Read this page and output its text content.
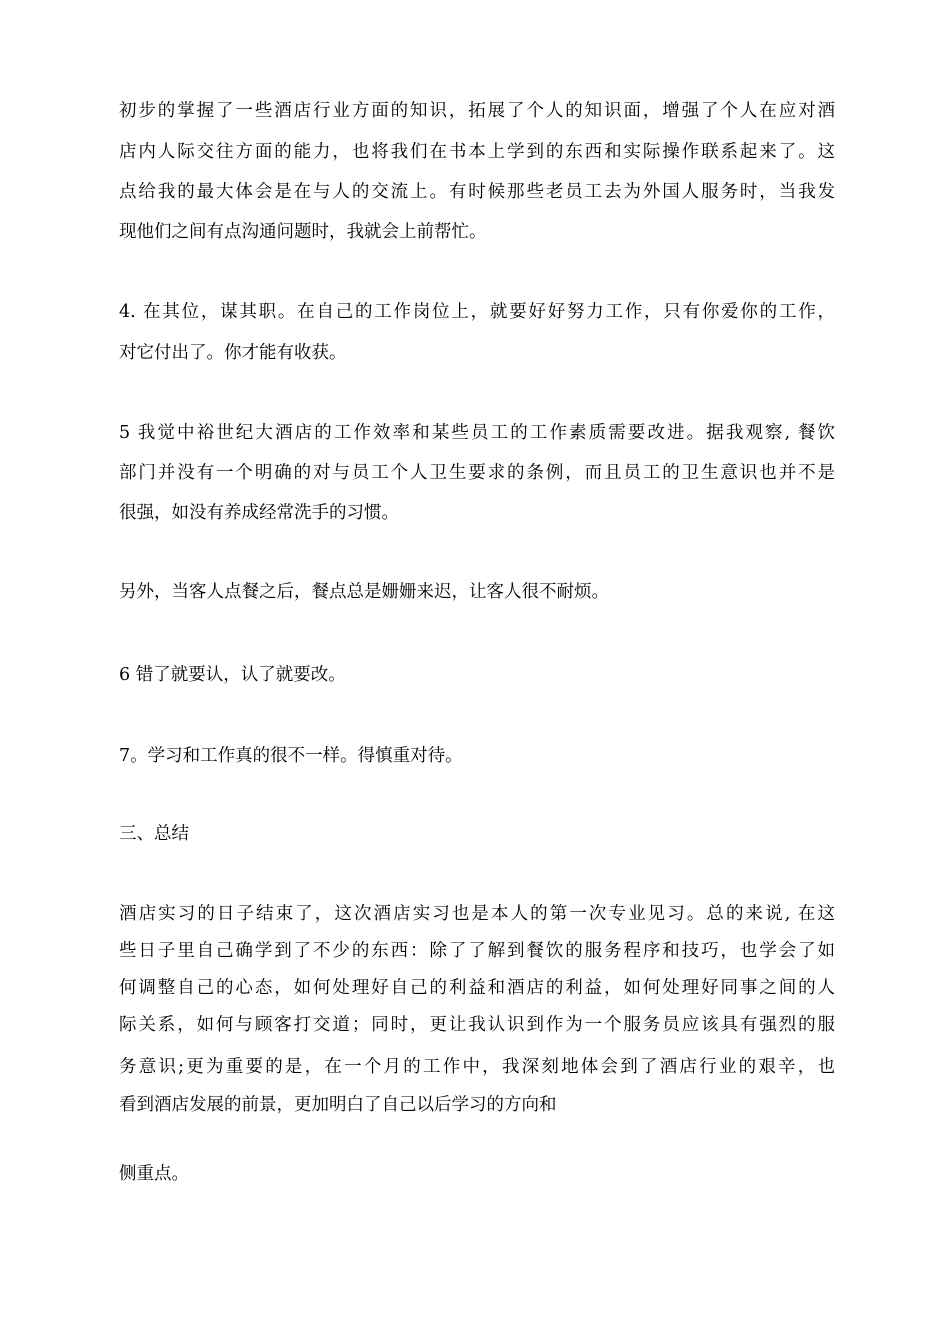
初步的掌握了一些酒店行业方面的知识，拓展了个人的知识面，增强了个人在应对酒
店内人际交往方面的能力，也将我们在书本上学到的东西和实际操作联系起来了。这
点给我的最大体会是在与人的交流上。有时候那些老员工去为外国人服务时，当我发
现他们之间有点沟通问题时，我就会上前帮忙。
4. 在其位，谋其职。在自己的工作岗位上，就要好好努力工作，只有你爱你的工作，
对它付出了。你才能有收获。
5 我觉中裕世纪大酒店的工作效率和某些员工的工作素质需要改进。据我观察, 餐饮
部门并没有一个明确的对与员工个人卫生要求的条例，而且员工的卫生意识也并不是
很强，如没有养成经常洗手的习惯。
另外，当客人点餐之后，餐点总是姗姗来迟，让客人很不耐烦。
6 错了就要认，认了就要改。
7。学习和工作真的很不一样。得慎重对待。
三、总结
酒店实习的日子结束了，这次酒店实习也是本人的第一次专业见习。总的来说, 在这
些日子里自己确学到了不少的东西：除了了解到餐饮的服务程序和技巧，也学会了如
何调整自己的心态，如何处理好自己的利益和酒店的利益，如何处理好同事之间的人
际关系，如何与顾客打交道；同时，更让我认识到作为一个服务员应该具有强烈的服
务意识;更为重要的是，在一个月的工作中，我深刻地体会到了酒店行业的艰辛，也
看到酒店发展的前景，更加明白了自己以后学习的方向和
侧重点。
